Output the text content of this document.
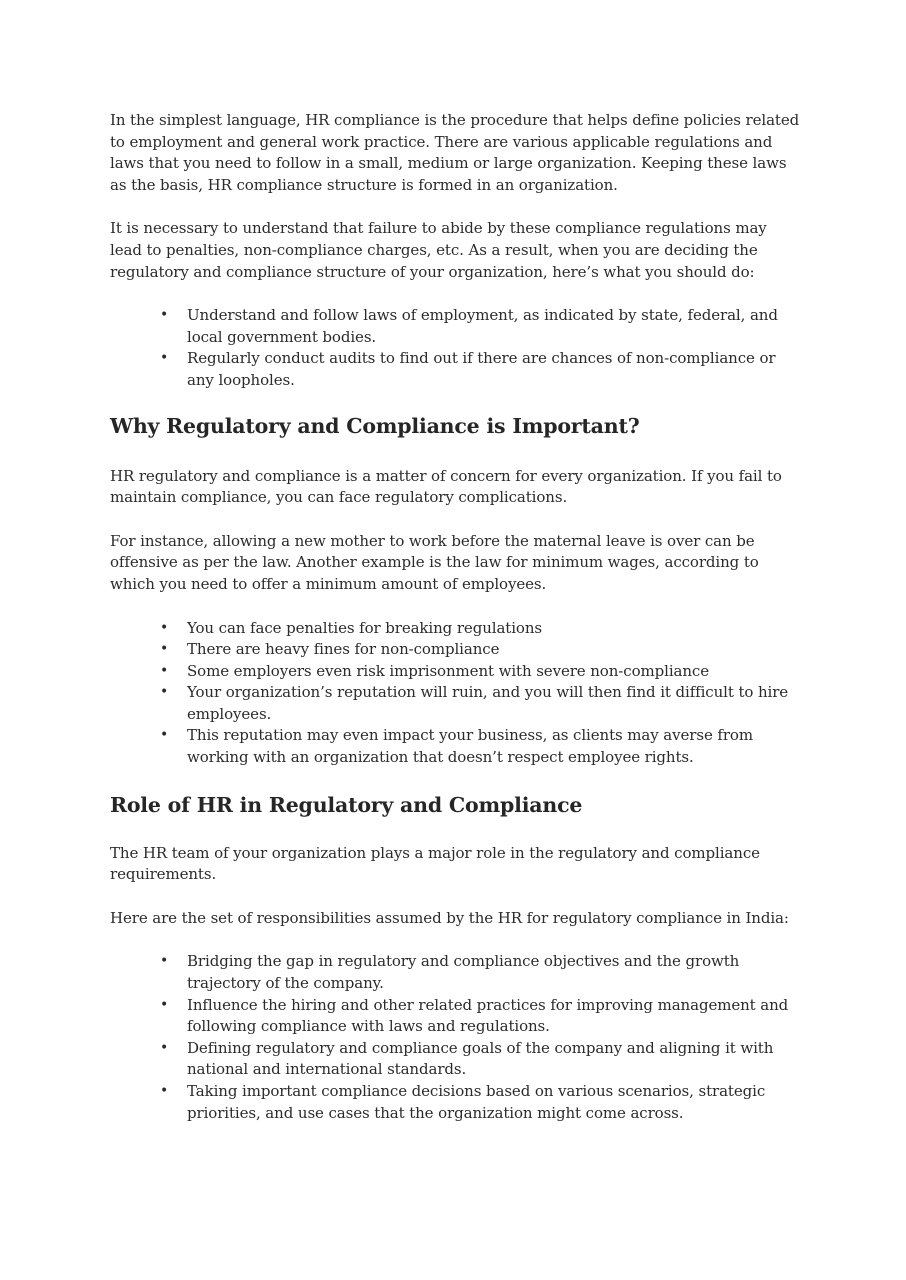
In the simplest language, HR compliance is the procedure that helps define policies related to employment and general work practice. There are various applicable regulations and laws that you need to follow in a small, medium or large organization. Keeping these laws as the basis, HR compliance structure is formed in an organization.

It is necessary to understand that failure to abide by these compliance regulations may lead to penalties, non-compliance charges, etc. As a result, when you are deciding the regulatory and compliance structure of your organization, here’s what you should do:

• Understand and follow laws of employment, as indicated by state, federal, and local government bodies.
• Regularly conduct audits to find out if there are chances of non-compliance or any loopholes.
Why Regulatory and Compliance is Important?

HR regulatory and compliance is a matter of concern for every organization. If you fail to maintain compliance, you can face regulatory complications.

For instance, allowing a new mother to work before the maternal leave is over can be offensive as per the law. Another example is the law for minimum wages, according to which you need to offer a minimum amount of employees.

• You can face penalties for breaking regulations
• There are heavy fines for non-compliance
• Some employers even risk imprisonment with severe non-compliance
• Your organization’s reputation will ruin, and you will then find it difficult to hire employees.
• This reputation may even impact your business, as clients may averse from working with an organization that doesn’t respect employee rights.
Role of HR in Regulatory and Compliance

The HR team of your organization plays a major role in the regulatory and compliance requirements.

Here are the set of responsibilities assumed by the HR for regulatory compliance in India:

• Bridging the gap in regulatory and compliance objectives and the growth trajectory of the company.
• Influence the hiring and other related practices for improving management and following compliance with laws and regulations.
• Defining regulatory and compliance goals of the company and aligning it with national and international standards.
• Taking important compliance decisions based on various scenarios, strategic priorities, and use cases that the organization might come across.
